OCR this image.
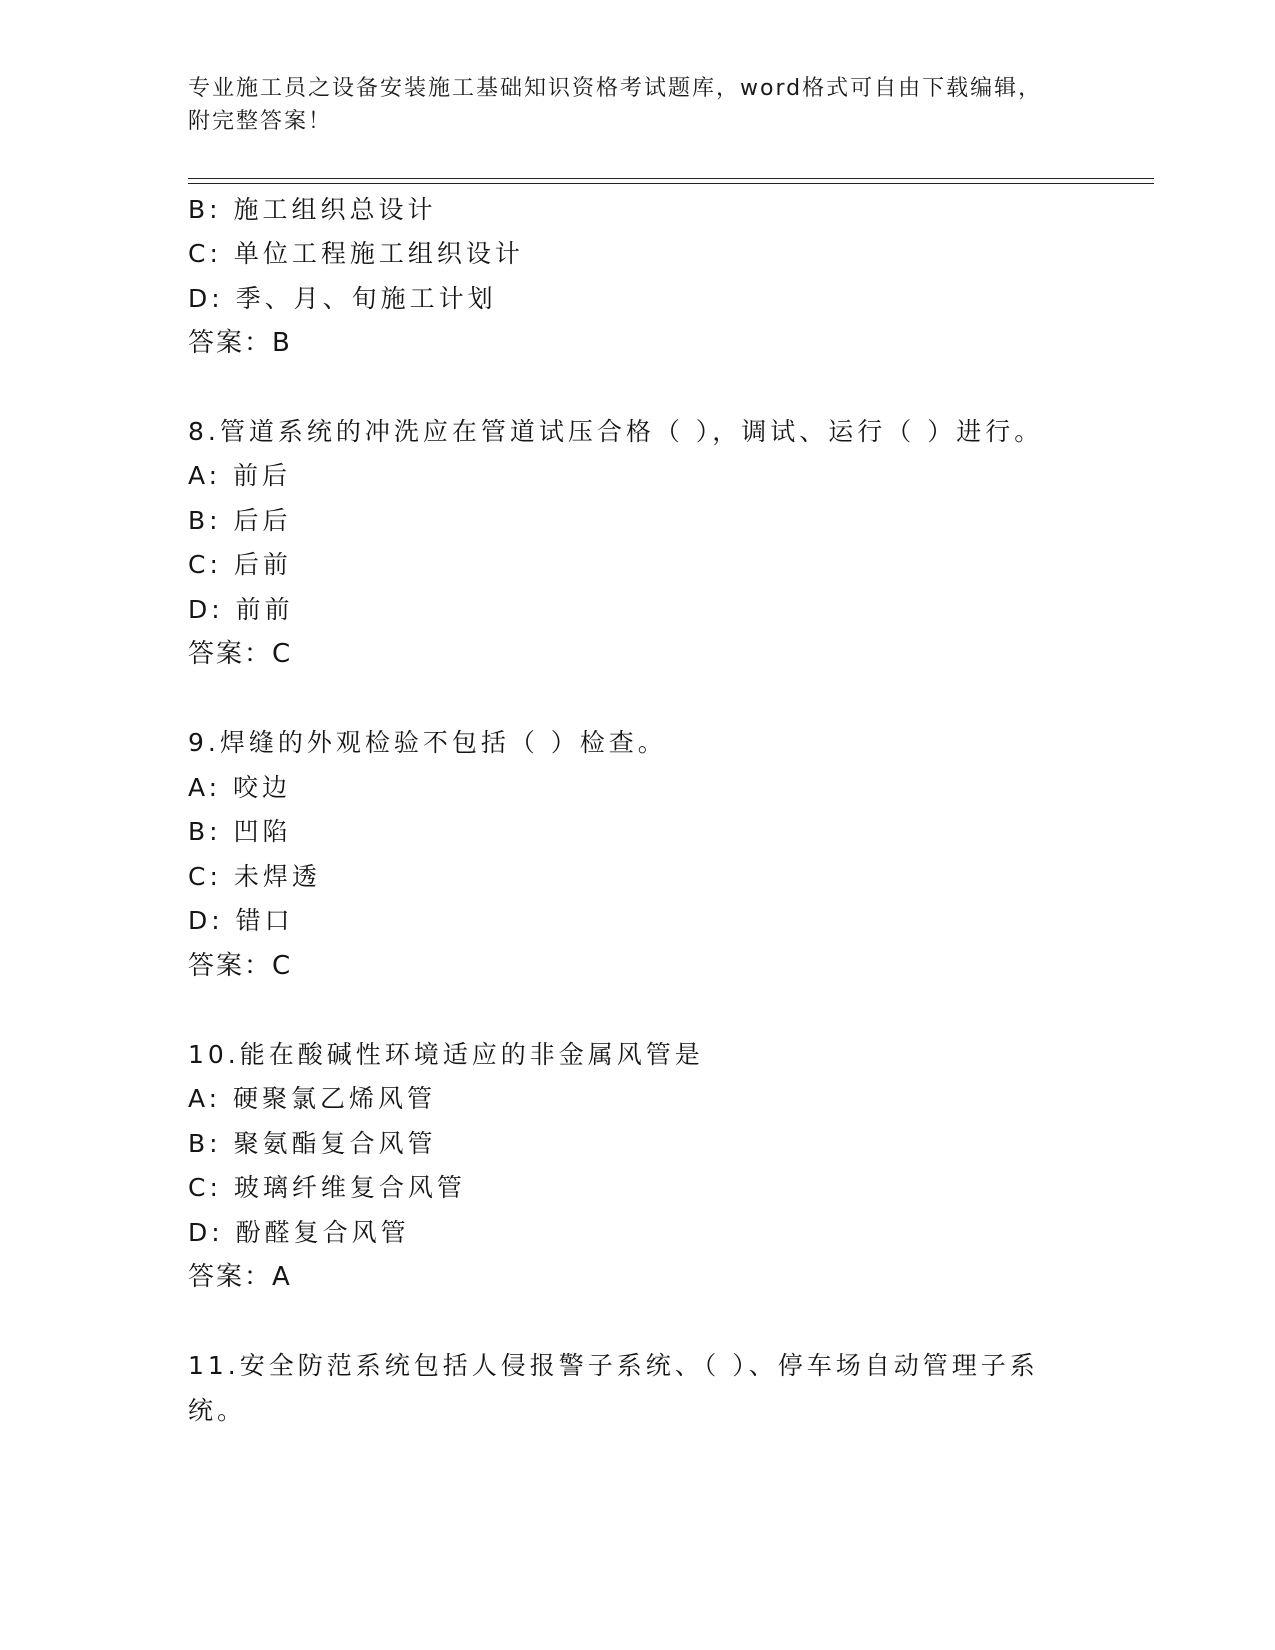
专业施工员之设备安装施工基础知识资格考试题库，word格式可自由下载编辑，
附完整答案！
B: 施工组织总设计
C: 单位工程施工组织设计
D: 季、月、旬施工计划
答案：B
8.管道系统的冲洗应在管道试压合格（ ），调试、运行（ ）进行。
A: 前后
B: 后后
C: 后前
D: 前前
答案：C
9.焊缝的外观检验不包括（ ）检查。
A: 咬边
B: 凹陷
C: 未焊透
D: 错口
答案：C
10.能在酸碱性环境适应的非金属风管是
A: 硬聚氯乙烯风管
B: 聚氨酯复合风管
C: 玻璃纤维复合风管
D: 酚醛复合风管
答案：A
11.安全防范系统包括人侵报警子系统、（ ）、停车场自动管理子系
统。
